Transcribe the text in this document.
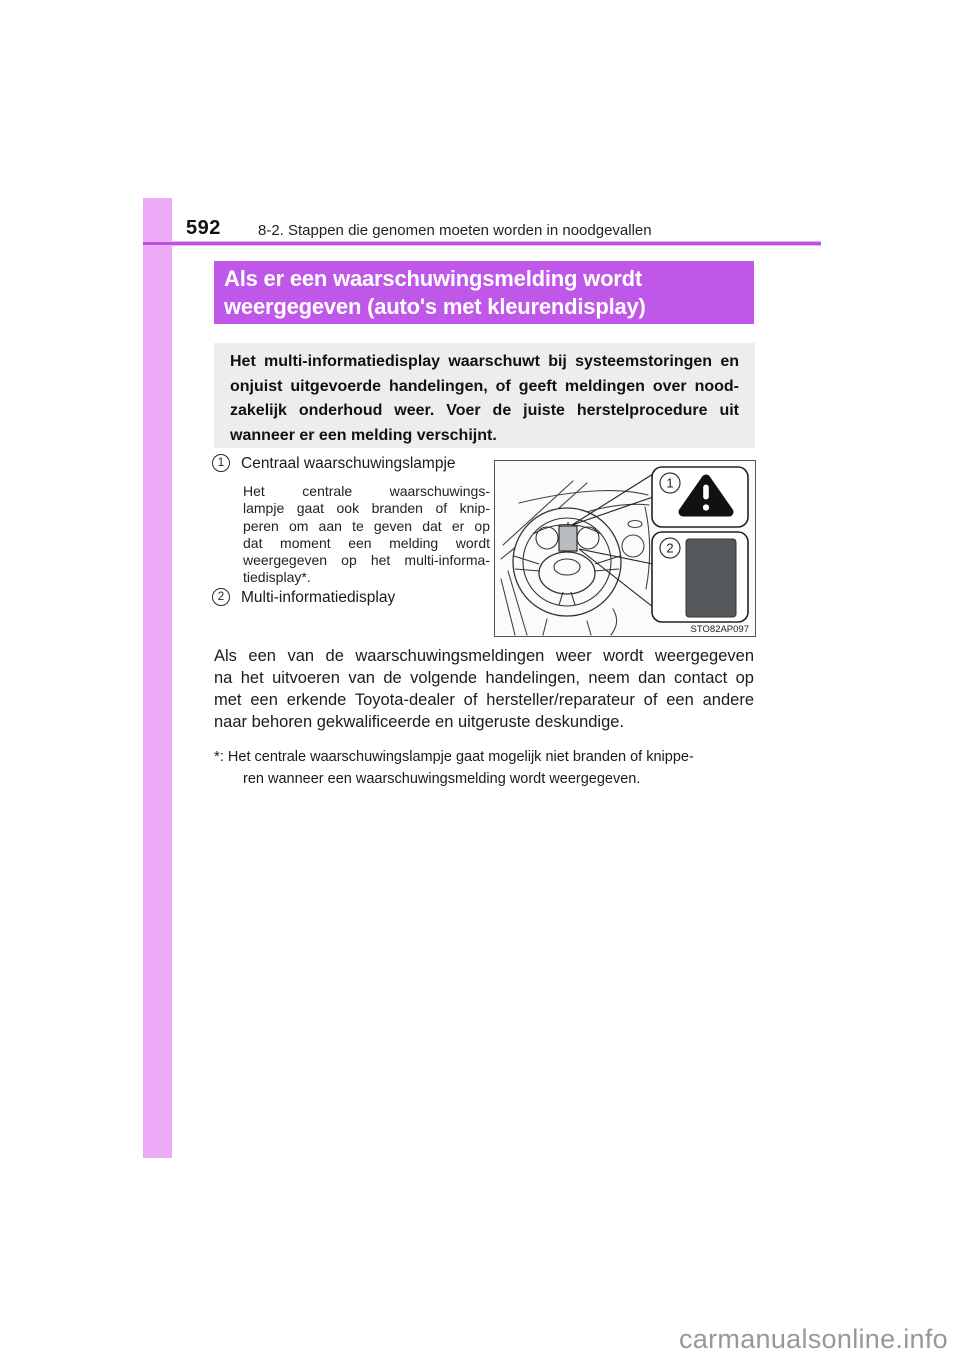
592 8-2. Stappen die genomen moeten worden in noodgevallen
Als er een waarschuwingsmelding wordt
weergegeven (auto's met kleurendisplay)
Het multi-informatiedisplay waarschuwt bij systeemstoringen en
onjuist uitgevoerde handelingen, of geeft meldingen over nood-
zakelijk onderhoud weer. Voer de juiste herstelprocedure uit
wanneer er een melding verschijnt.
1	Centraal waarschuwingslampje
Het centrale waarschuwings-
lampje gaat ook branden of knip-
peren om aan te geven dat er op
dat moment een melding wordt
weergegeven op het multi-informa-
tiedisplay*.
2	Multi-informatiedisplay
1
2
STO82AP097
Als een van de waarschuwingsmeldingen weer wordt weergegeven
na het uitvoeren van de volgende handelingen, neem dan contact op
met een erkende Toyota-dealer of hersteller/reparateur of een andere
naar behoren gekwalificeerde en uitgeruste deskundige.
*: Het centrale waarschuwingslampje gaat mogelijk niet branden of knippe-
ren wanneer een waarschuwingsmelding wordt weergegeven.
carmanualsonline.info
